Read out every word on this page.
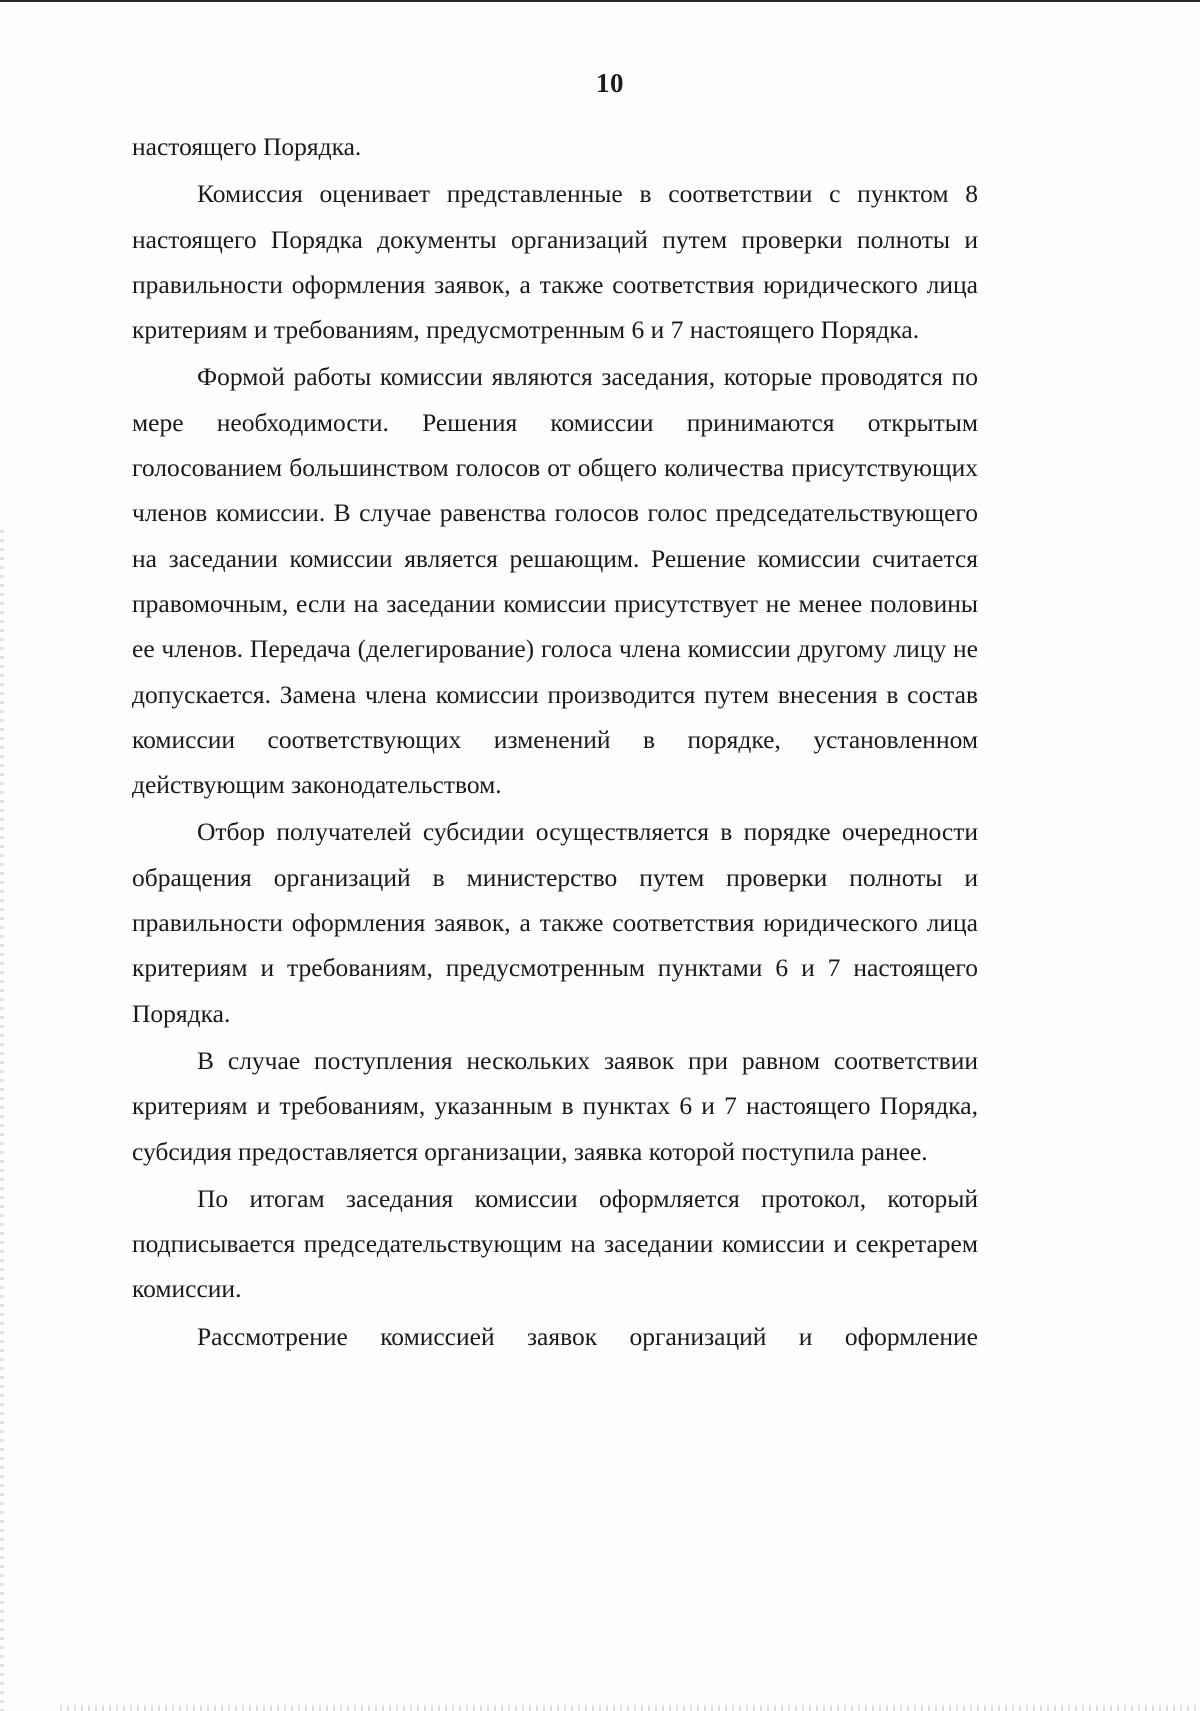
10

настоящего Порядка.

Комиссия оценивает представленные в соответствии с пунктом 8 настоящего Порядка документы организаций путем проверки полноты и правильности оформления заявок, а также соответствия юридического лица критериям и требованиям, предусмотренным 6 и 7 настоящего Порядка.

Формой работы комиссии являются заседания, которые проводятся по мере необходимости. Решения комиссии принимаются открытым голосованием большинством голосов от общего количества присутствующих членов комиссии. В случае равенства голосов голос председательствующего на заседании комиссии является решающим. Решение комиссии считается правомочным, если на заседании комиссии присутствует не менее половины ее членов. Передача (делегирование) голоса члена комиссии другому лицу не допускается. Замена члена комиссии производится путем внесения в состав комиссии соответствующих изменений в порядке, установленном действующим законодательством.

Отбор получателей субсидии осуществляется в порядке очередности обращения организаций в министерство путем проверки полноты и правильности оформления заявок, а также соответствия юридического лица критериям и требованиям, предусмотренным пунктами 6 и 7 настоящего Порядка.

В случае поступления нескольких заявок при равном соответствии критериям и требованиям, указанным в пунктах 6 и 7 настоящего Порядка, субсидия предоставляется организации, заявка которой поступила ранее.

По итогам заседания комиссии оформляется протокол, который подписывается председательствующим на заседании комиссии и секретарем комиссии.

Рассмотрение комиссией заявок организаций и оформление
